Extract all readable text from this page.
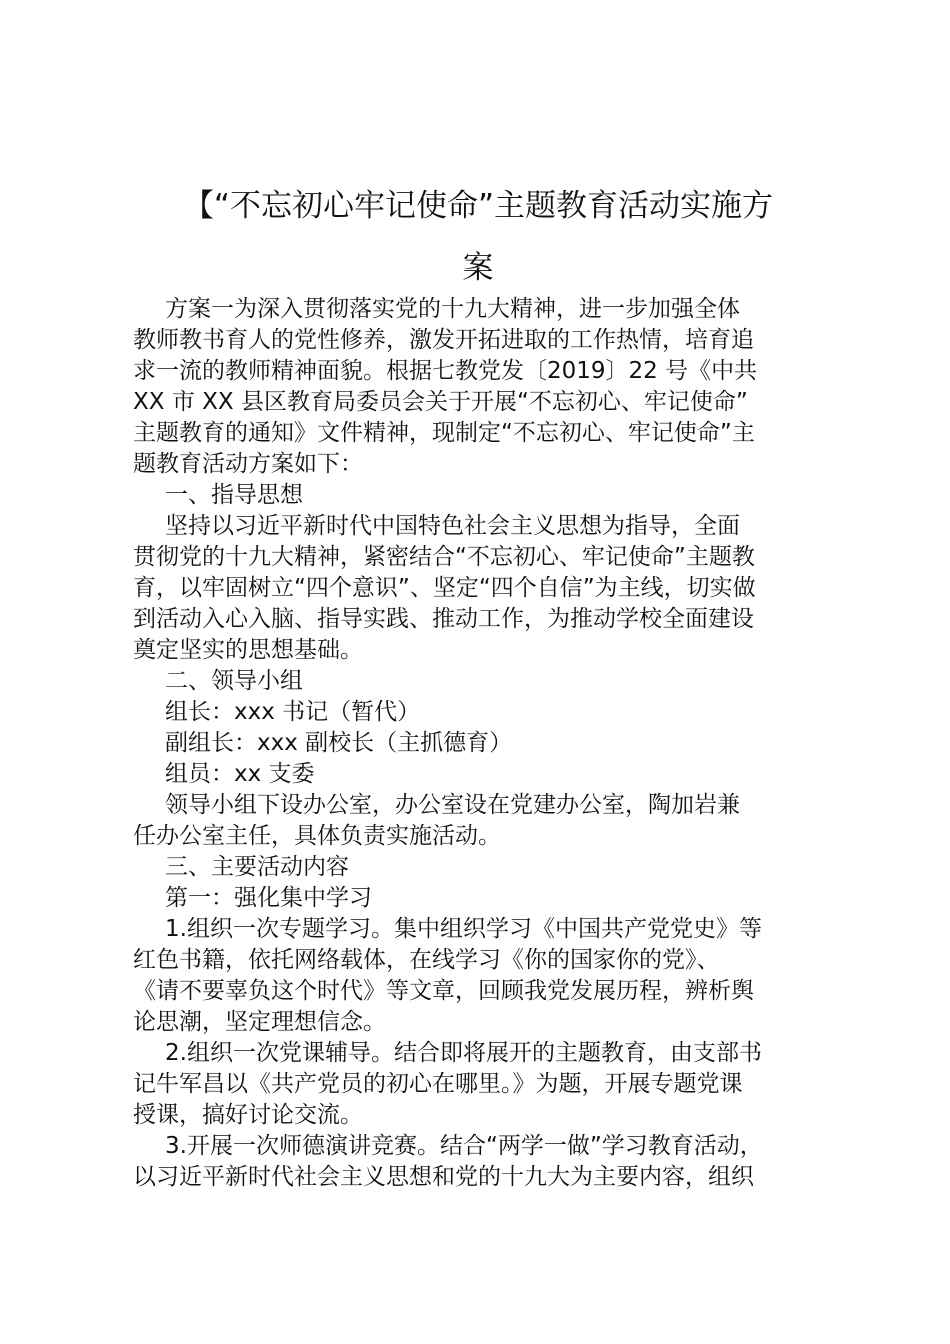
【“不忘初心牢记使命”主题教育活动实施方
案
方案一为深入贯彻落实党的十九大精神，进一步加强全体
教师教书育人的党性修养，激发开拓进取的工作热情，培育追
求一流的教师精神面貌。根据七教党发〔2019〕22 号《中共
XX 市 XX 县区教育局委员会关于开展“不忘初心、牢记使命”
主题教育的通知》文件精神，现制定“不忘初心、牢记使命”主
题教育活动方案如下：
一、指导思想
坚持以习近平新时代中国特色社会主义思想为指导，全面
贯彻党的十九大精神，紧密结合“不忘初心、牢记使命”主题教
育，以牢固树立“四个意识”、坚定“四个自信”为主线，切实做
到活动入心入脑、指导实践、推动工作，为推动学校全面建设
奠定坚实的思想基础。
二、领导小组
组长：xxx 书记（暂代）
副组长：xxx 副校长（主抓德育）
组员：xx 支委
领导小组下设办公室，办公室设在党建办公室，陶加岩兼
任办公室主任，具体负责实施活动。
三、主要活动内容
第一：强化集中学习
1.组织一次专题学习。集中组织学习《中国共产党党史》等
红色书籍，依托网络载体，在线学习《你的国家你的党》、
《请不要辜负这个时代》等文章，回顾我党发展历程，辨析舆
论思潮，坚定理想信念。
2.组织一次党课辅导。结合即将展开的主题教育，由支部书
记牛军昌以《共产党员的初心在哪里。》为题，开展专题党课
授课，搞好讨论交流。
3.开展一次师德演讲竞赛。结合“两学一做”学习教育活动，
以习近平新时代社会主义思想和党的十九大为主要内容，组织
